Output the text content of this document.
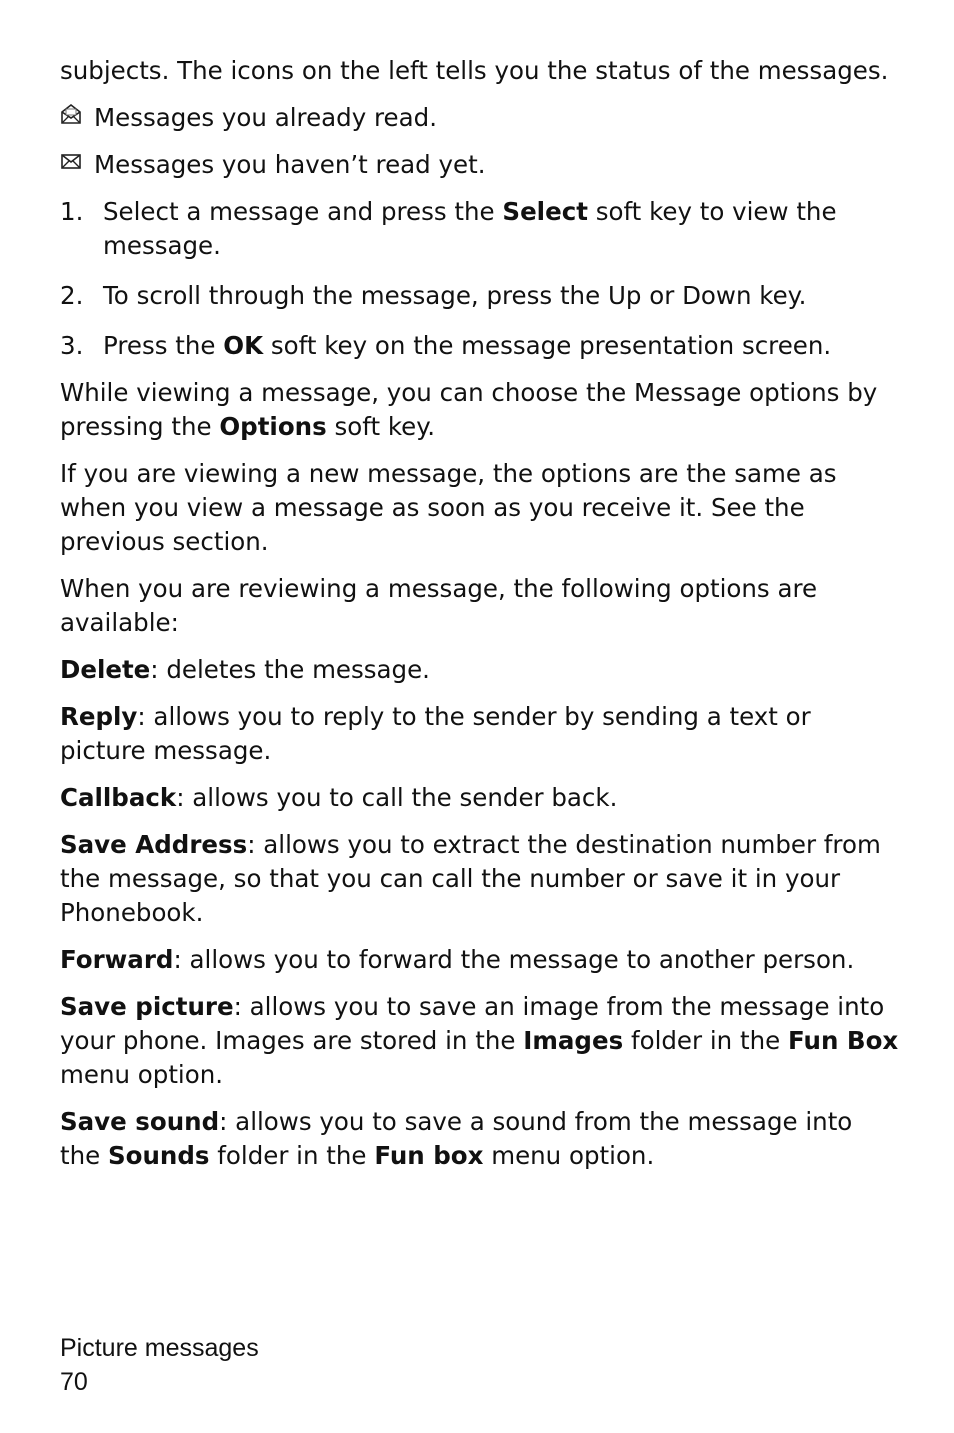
subjects. The icons on the left tells you the status of the messages.

Messages you already read.
Messages you haven’t read yet.
1. Select a message and press the Select soft key to view the message.
2. To scroll through the message, press the Up or Down key.
3. Press the OK soft key on the message presentation screen.

While viewing a message, you can choose the Message options by pressing the Options soft key.

If you are viewing a new message, the options are the same as when you view a message as soon as you receive it. See the previous section.

When you are reviewing a message, the following options are available:

Delete: deletes the message.

Reply: allows you to reply to the sender by sending a text or picture message.

Callback: allows you to call the sender back.

Save Address: allows you to extract the destination number from the message, so that you can call the number or save it in your Phonebook.

Forward: allows you to forward the message to another person.

Save picture: allows you to save an image from the message into your phone. Images are stored in the Images folder in the Fun Box menu option.

Save sound: allows you to save a sound from the message into the Sounds folder in the Fun box menu option.

Picture messages
70
